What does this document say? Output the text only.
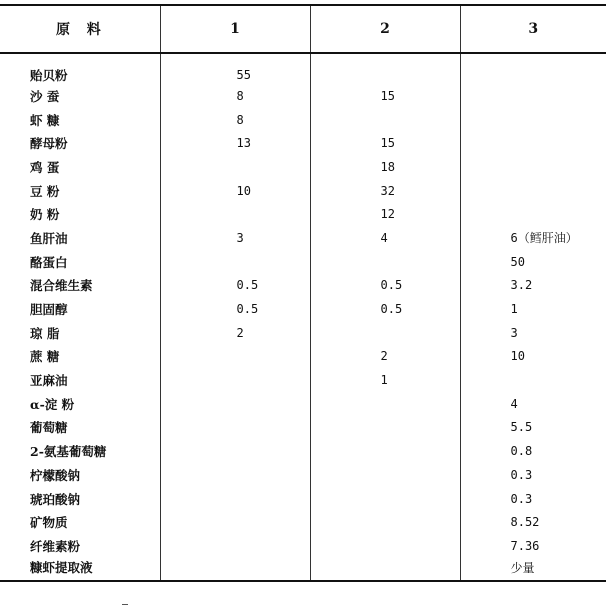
原料	1	2	3
贻贝粉	55		
沙 蚕	8	15	
虾 糠	8		
酵母粉	13	15	
鸡 蛋		18	
豆 粉	10	32	
奶 粉		12	
鱼肝油	3	4	6（鳕肝油）
酪蛋白			50
混合维生素	0.5	0.5	3.2
胆固醇	0.5	0.5	1
琼 脂	2		3
蔗 糖		2	10
亚麻油		1	
α-淀 粉			4
葡萄糖			5.5
2-氨基葡萄糖			0.8
柠檬酸钠			0.3
琥珀酸钠			0.3
矿物质			8.52
纤维素粉			7.36
糠虾提取液			少量
